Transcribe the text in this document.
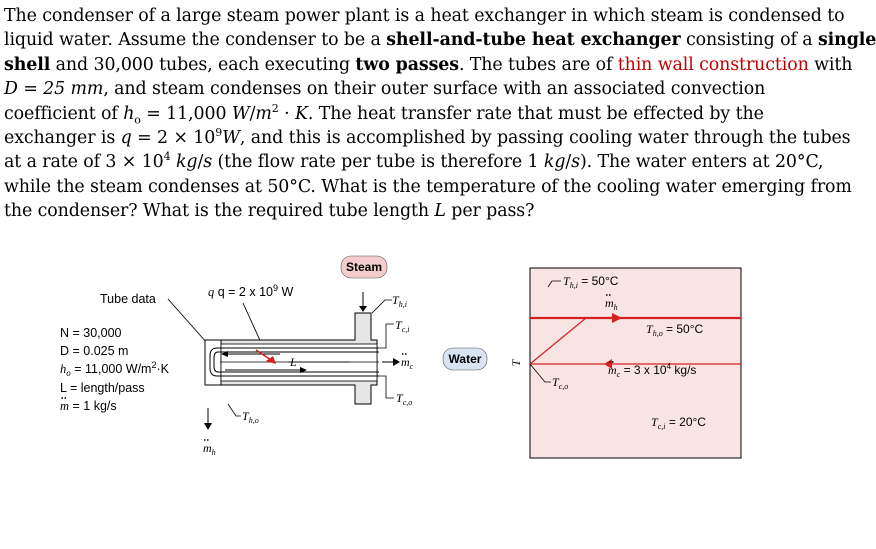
The condenser of a large steam power plant is a heat exchanger in which steam is condensed to
liquid water. Assume the condenser to be a shell-and-tube heat exchanger consisting of a single
shell and 30,000 tubes, each executing two passes. The tubes are of thin wall construction with
D = 25 mm, and steam condenses on their outer surface with an associated convection
coefficient of $h_o = 11,000$ $W/m^2 \cdot K$. The heat transfer rate that must be effected by the
exchanger is $q = 2 \times 10^9W$, and this is accomplished by passing cooling water through the tubes
at a rate of $3 \times 10^4$ kg/s (the flow rate per tube is therefore 1 kg/s). The water enters at 20°C,
while the steam condenses at 50°C. What is the temperature of the cooling water emerging from
the condenser? What is the required tube length L per pass?
Tube data
N = 30,000
D = 0.025 m
$h_o = 11,000$ $W/m^2\cdot K$
L = length/pass
m = 1 kg/s
q q = 2 x $10^9$ W
Steam
$T_{h,i}$
L
$T_{c,i}$
$m_c$
$T_{c,o}$
Water
$m_h$
$T_{h,o}$
T
$T_{h,i} = 50^\circ C$
$m_h$
$T_{h,o} = 50^\circ C$
$m_c = 3$ x $10^4$ kg/s
$T_{c,o}$
$T_{c,i} = 20^\circ C$
